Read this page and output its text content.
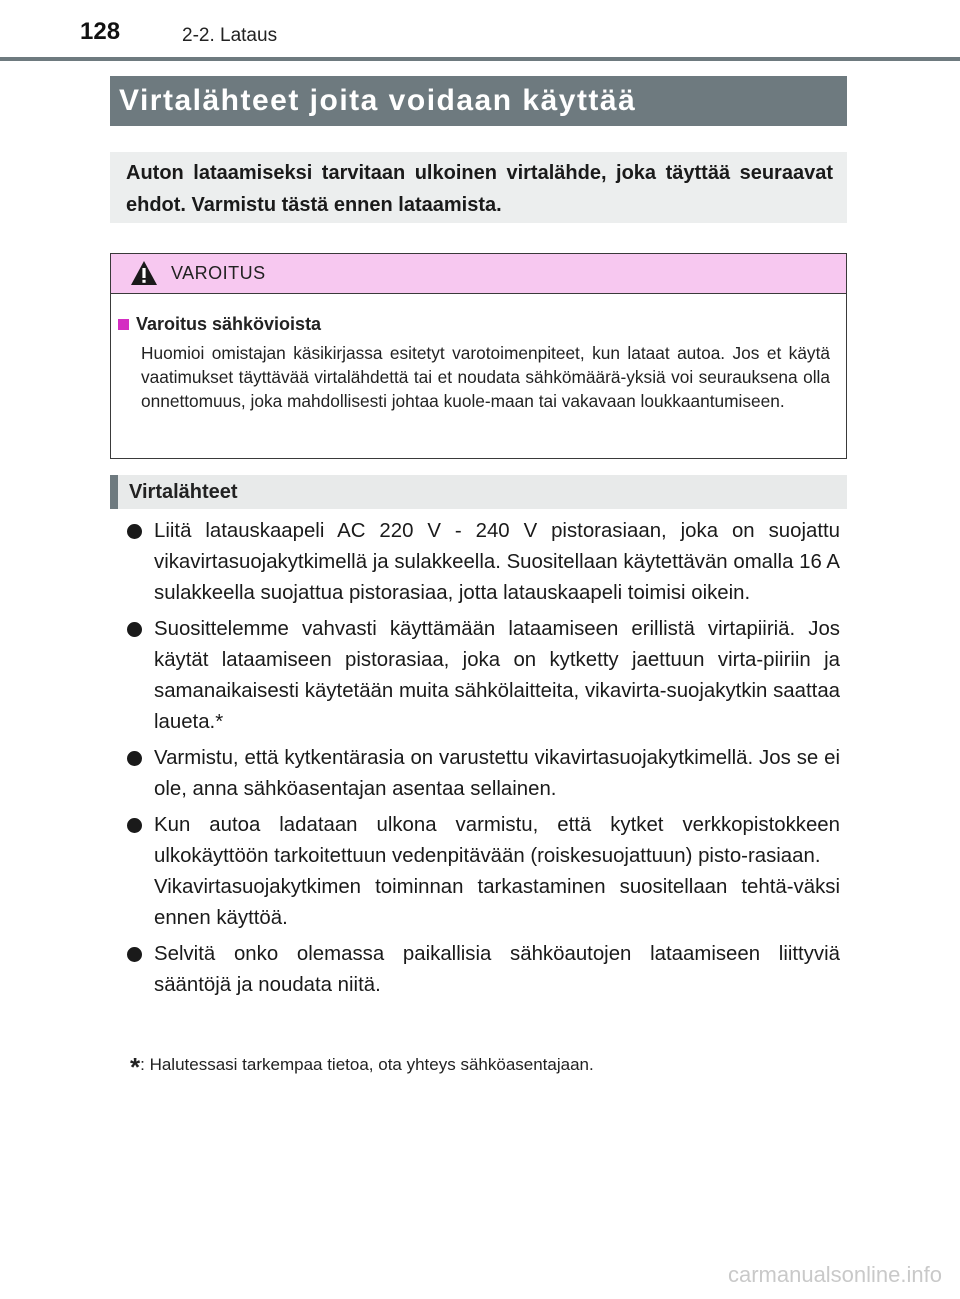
128	2-2. Lataus
Virtalähteet joita voidaan käyttää
Auton lataamiseksi tarvitaan ulkoinen virtalähde, joka täyttää seuraavat ehdot. Varmistu tästä ennen lataamista.
VAROITUS
Varoitus sähkövioista

Huomioi omistajan käsikirjassa esitetyt varotoimenpiteet, kun lataat autoa. Jos et käytä vaatimukset täyttävää virtalähdettä tai et noudata sähkömäärä-yksiä voi seurauksena olla onnettomuus, joka mahdollisesti johtaa kuole-maan tai vakavaan loukkaantumiseen.

Virtalähteet

Liitä latauskaapeli AC 220 V - 240 V pistorasiaan, joka on suojattu vikavirtasuojakytkimellä ja sulakkeella. Suositellaan käytettävän omalla 16 A sulakkeella suojattua pistorasiaa, jotta latauskaapeli toimisi oikein.

Suosittelemme vahvasti käyttämään lataamiseen erillistä virtapiiriä. Jos käytät lataamiseen pistorasiaa, joka on kytketty jaettuun virta-piiriin ja samanaikaisesti käytetään muita sähkölaitteita, vikavirta-suojakytkin saattaa laueta.*

Varmistu, että kytkentärasia on varustettu vikavirtasuojakytkimellä. Jos se ei ole, anna sähköasentajan asentaa sellainen.

Kun autoa ladataan ulkona varmistu, että kytket verkkopistokkeen ulkokäyttöön tarkoitettuun vedenpitävään (roiskesuojattuun) pisto-rasiaan.

Vikavirtasuojakytkimen toiminnan tarkastaminen suositellaan tehtä-väksi ennen käyttöä.

Selvitä onko olemassa paikallisia sähköautojen lataamiseen liittyviä sääntöjä ja noudata niitä.

*: Halutessasi tarkempaa tietoa, ota yhteys sähköasentajaan.
carmanualsonline.info
